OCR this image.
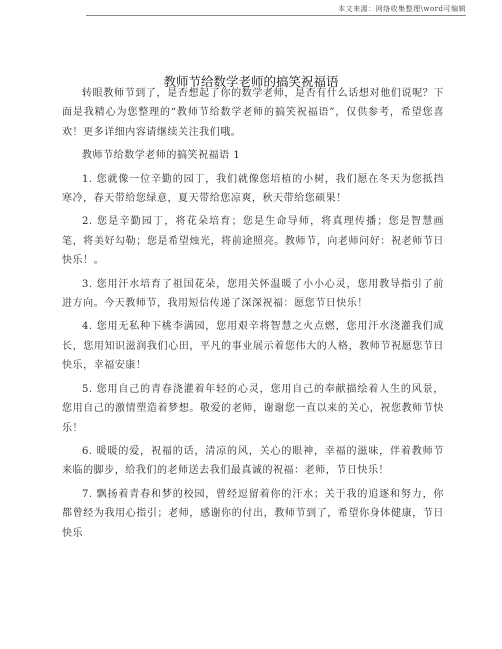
本文来源：网络收集整理\word可编辑
教师节给数学老师的搞笑祝福语

转眼教师节到了，是否想起了你的数学老师，是否有什么话想对他们说呢？下面是我精心为您整理的“教师节给数学老师的搞笑祝福语”，仅供参考，希望您喜欢！更多详细内容请继续关注我们哦。

教师节给数学老师的搞笑祝福语 1

1. 您就像一位辛勤的园丁，我们就像您培植的小树，我们愿在冬天为您抵挡寒冷，春天带给您绿意，夏天带给您凉爽，秋天带给您硕果！

2. 您是辛勤园丁，将花朵培育；您是生命导师，将真理传播；您是智慧画笔，将美好勾勒；您是希望烛光，将前途照亮。教师节，向老师问好：祝老师节日快乐！。

3. 您用汗水培育了祖国花朵，您用关怀温暖了小小心灵，您用教导指引了前进方向。今天教师节，我用短信传递了深深祝福：愿您节日快乐！

4. 您用无私种下桃李满园，您用艰辛将智慧之火点燃，您用汗水浇灌我们成长，您用知识滋润我们心田，平凡的事业展示着您伟大的人格，教师节祝愿您节日快乐，幸福安康！

5. 您用自己的青春浇灌着年轻的心灵，您用自己的奉献描绘着人生的风景，您用自己的激情塑造着梦想。敬爱的老师，谢谢您一直以来的关心，祝您教师节快乐！

6. 暖暖的爱，祝福的话，清凉的风，关心的眼神，幸福的滋味，伴着教师节来临的脚步，给我们的老师送去我们最真诚的祝福：老师，节日快乐！

7. 飘扬着青春和梦的校园，曾经逗留着你的汗水；关于我的追逐和努力，你都曾经为我用心指引；老师，感谢你的付出，教师节到了，希望你身体健康，节日快乐
